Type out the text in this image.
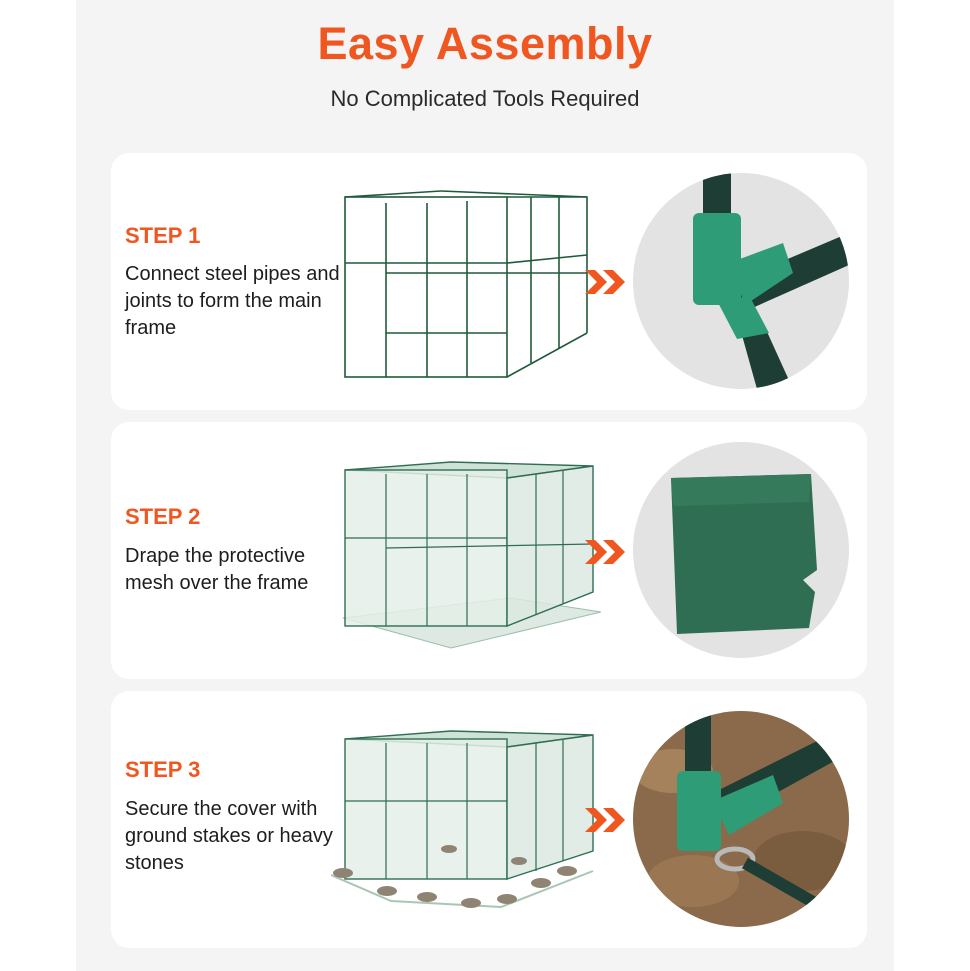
Easy Assembly

No Complicated Tools Required

STEP 1
Connect steel pipes and joints to form the main frame
STEP 2
Drape the protective mesh over the frame
STEP 3
Secure the cover with ground stakes or heavy stones
